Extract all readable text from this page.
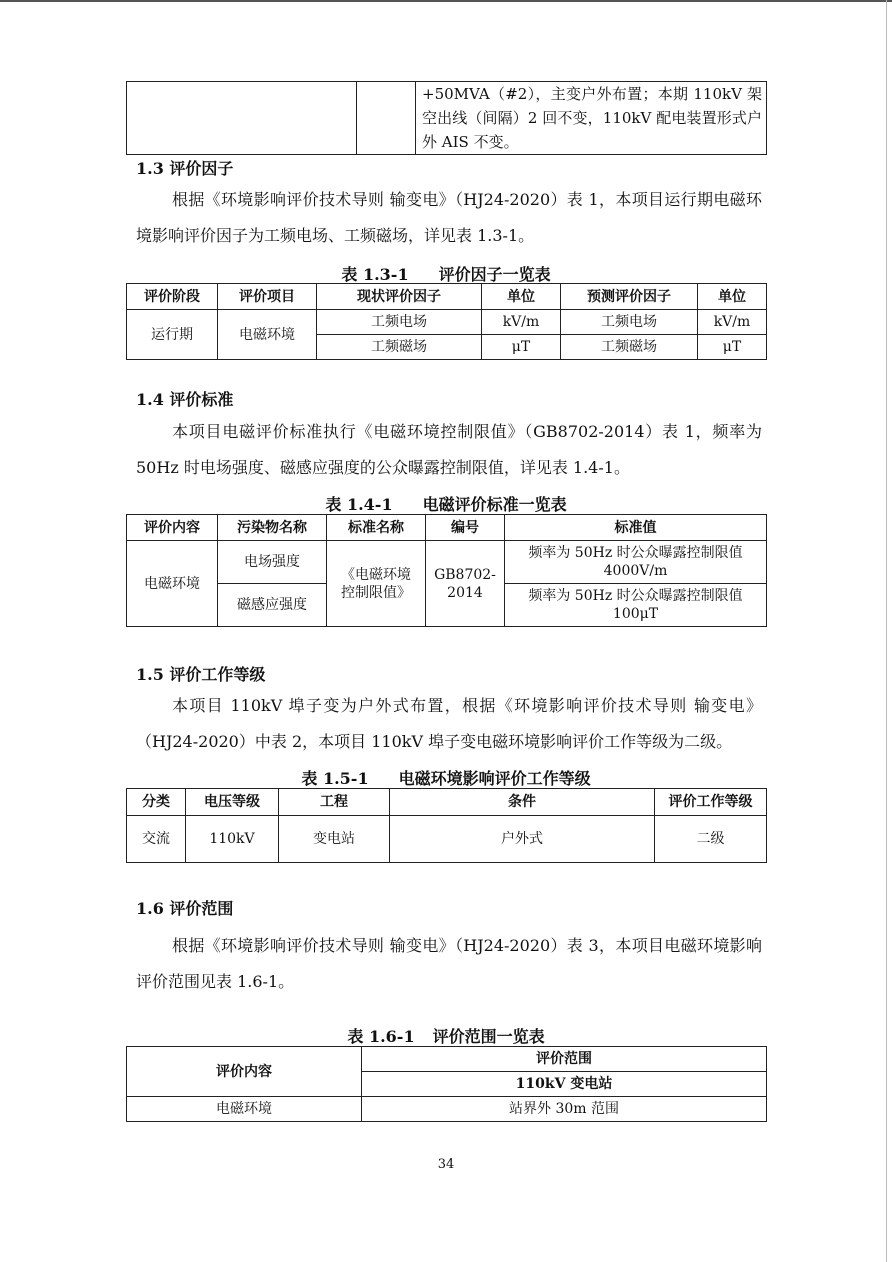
		+50MVA（#2），主变户外布置；本期 110kV 架空出线（间隔）2 回不变，110kV 配电装置形式户外 AIS 不变。

1.3 评价因子

根据《环境影响评价技术导则 输变电》（HJ24-2020）表 1，本项目运行期电磁环境影响评价因子为工频电场、工频磁场，详见表 1.3-1。

表 1.3-1 评价因子一览表

评价阶段	评价项目	现状评价因子	单位	预测评价因子	单位
运行期	电磁环境	工频电场	kV/m	工频电场	kV/m
		工频磁场	μT	工频磁场	μT

1.4 评价标准

本项目电磁评价标准执行《电磁环境控制限值》（GB8702-2014）表 1，频率为 50Hz 时电场强度、磁感应强度的公众曝露控制限值，详见表 1.4-1。

表 1.4-1 电磁评价标准一览表

评价内容	污染物名称	标准名称	编号	标准值
电磁环境	电场强度	《电磁环境控制限值》	GB8702-2014	频率为 50Hz 时公众曝露控制限值
4000V/m

	磁感应强度			频率为 50Hz 时公众曝露控制限值
100μT

1.5 评价工作等级

本项目 110kV 埠子变为户外式布置，根据《环境影响评价技术导则 输变电》（HJ24-2020）中表 2，本项目 110kV 埠子变电磁环境影响评价工作等级为二级。

表 1.5-1 电磁环境影响评价工作等级

分类	电压等级	工程	条件	评价工作等级
交流	110kV	变电站	户外式	二级

1.6 评价范围

根据《环境影响评价技术导则 输变电》（HJ24-2020）表 3，本项目电磁环境影响评价范围见表 1.6-1。

表 1.6-1 评价范围一览表

评价内容	评价范围
	110kV 变电站
电磁环境	站界外 30m 范围
34
